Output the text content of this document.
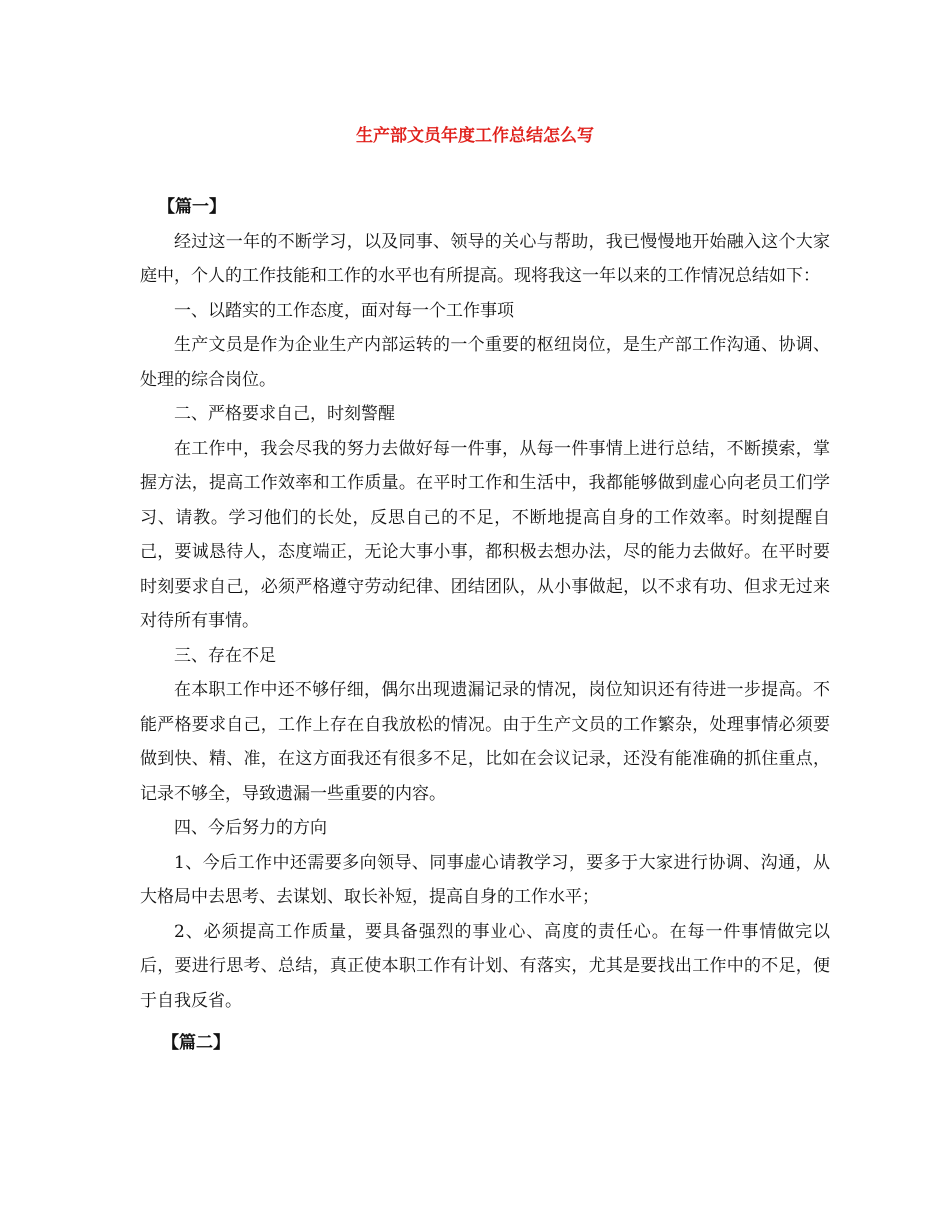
生产部文员年度工作总结怎么写

【篇一】

经过这一年的不断学习，以及同事、领导的关心与帮助，我已慢慢地开始融入这个大家庭中，个人的工作技能和工作的水平也有所提高。现将我这一年以来的工作情况总结如下：

一、以踏实的工作态度，面对每一个工作事项

生产文员是作为企业生产内部运转的一个重要的枢纽岗位，是生产部工作沟通、协调、处理的综合岗位。

二、严格要求自己，时刻警醒

在工作中，我会尽我的努力去做好每一件事，从每一件事情上进行总结，不断摸索，掌握方法，提高工作效率和工作质量。在平时工作和生活中，我都能够做到虚心向老员工们学习、请教。学习他们的长处，反思自己的不足，不断地提高自身的工作效率。时刻提醒自己，要诚恳待人，态度端正，无论大事小事，都积极去想办法，尽的能力去做好。在平时要时刻要求自己，必须严格遵守劳动纪律、团结团队，从小事做起，以不求有功、但求无过来对待所有事情。

三、存在不足

在本职工作中还不够仔细，偶尔出现遗漏记录的情况，岗位知识还有待进一步提高。不能严格要求自己，工作上存在自我放松的情况。由于生产文员的工作繁杂，处理事情必须要做到快、精、准，在这方面我还有很多不足，比如在会议记录，还没有能准确的抓住重点，记录不够全，导致遗漏一些重要的内容。

四、今后努力的方向

1、今后工作中还需要多向领导、同事虚心请教学习，要多于大家进行协调、沟通，从大格局中去思考、去谋划、取长补短，提高自身的工作水平；

2、必须提高工作质量，要具备强烈的事业心、高度的责任心。在每一件事情做完以后，要进行思考、总结，真正使本职工作有计划、有落实，尤其是要找出工作中的不足，便于自我反省。

【篇二】
